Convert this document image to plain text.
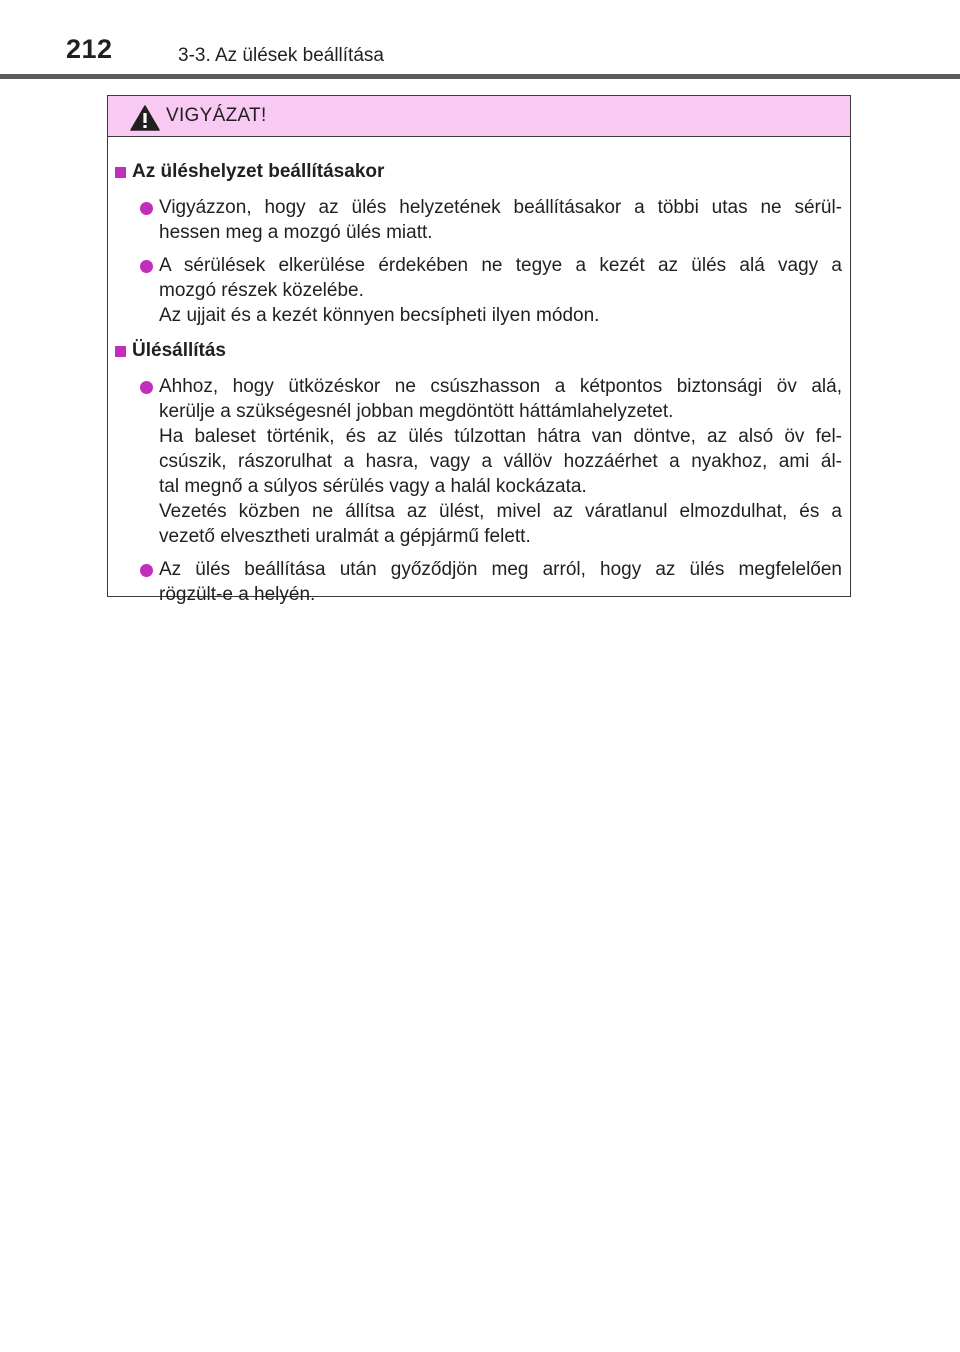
212	3-3. Az ülések beállítása
VIGYÁZAT!
Az üléshelyzet beállításakor
Vigyázzon, hogy az ülés helyzetének beállításakor a többi utas ne sérül-
hessen meg a mozgó ülés miatt.
A sérülések elkerülése érdekében ne tegye a kezét az ülés alá vagy a
mozgó részek közelébe.
Az ujjait és a kezét könnyen becsípheti ilyen módon.
Ülésállítás
Ahhoz, hogy ütközéskor ne csúszhasson a kétpontos biztonsági öv alá,
kerülje a szükségesnél jobban megdöntött háttámlahelyzetet.
Ha baleset történik, és az ülés túlzottan hátra van döntve, az alsó öv fel-
csúszik, rászorulhat a hasra, vagy a vállöv hozzáérhet a nyakhoz, ami ál-
tal megnő a súlyos sérülés vagy a halál kockázata.
Vezetés közben ne állítsa az ülést, mivel az váratlanul elmozdulhat, és a
vezető elvesztheti uralmát a gépjármű felett.
Az ülés beállítása után győződjön meg arról, hogy az ülés megfelelően
rögzült-e a helyén.
